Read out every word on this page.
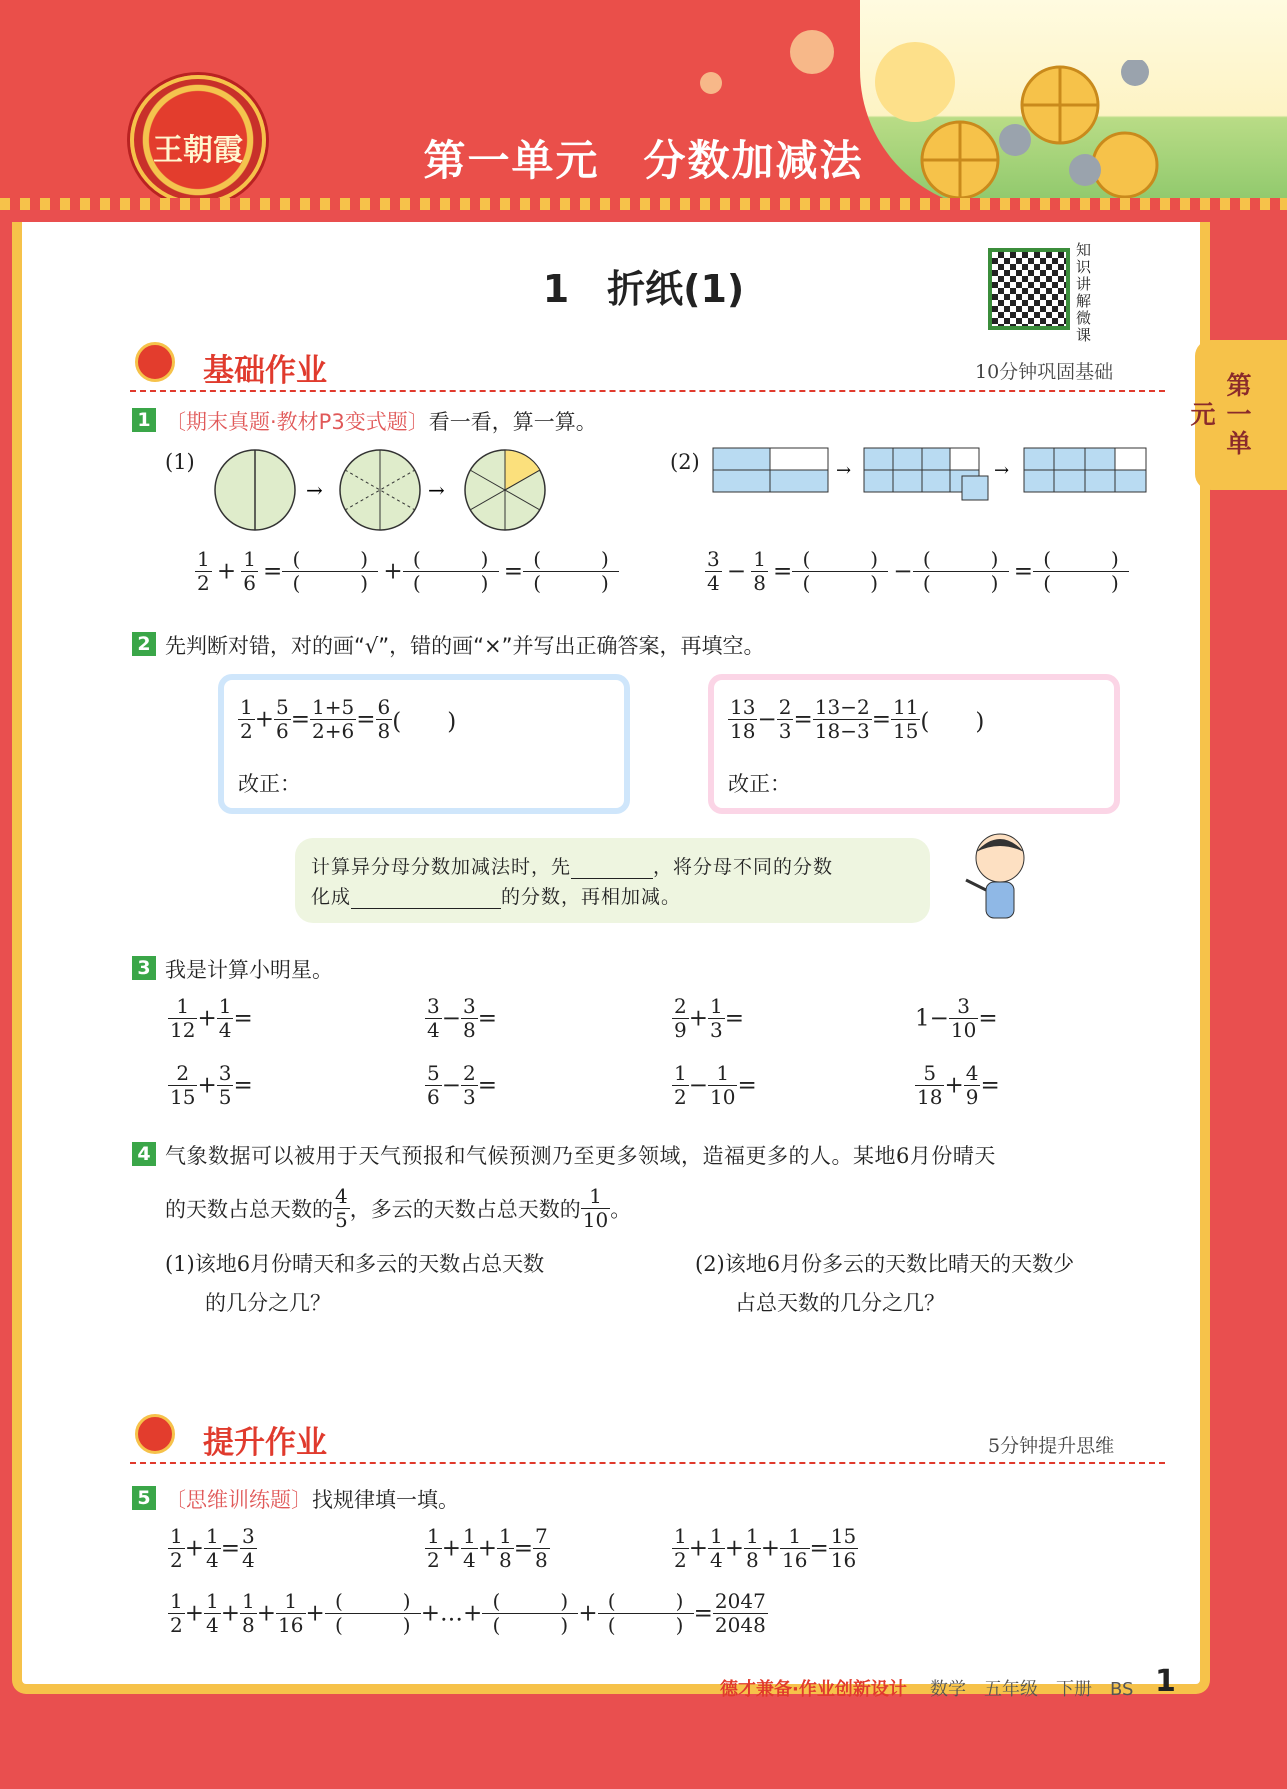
王朝霞	第一单元　分数加减法
第一单元
1　折纸(1)
知识讲解微课
基础作业	10分钟巩固基础
1 〔期末真题·教材P3变式题〕看一看，算一算。
(1)
→	→
(2)	→	→
$\frac{1}{2} + \frac{1}{6}$ = (　　　)
(　　　) + (　　　)
(　　　) = (　　　)
(　　　)	$\frac{3}{4} - \frac{1}{8}$ = (　　　)
(　　　) − (　　　)
(　　　) = (　　　)
(　　　)
2 先判断对错，对的画“√”，错的画“×”并写出正确答案，再填空。
$\frac{1}{2} + \frac{5}{6} = \frac{1+5}{2+6} = \frac{6}{8}$ (　　)
改正：
$\frac{13}{18} - \frac{2}{3} = \frac{13-2}{18-3} = \frac{11}{15}$ (　　)
改正：
计算异分母分数加减法时，先	，将分母不同的分数
化成	的分数，再相加减。
3 我是计算小明星。
$\frac{1}{12} + \frac{1}{4}$ =	$\frac{3}{4} - \frac{3}{8}$ =	$\frac{2}{9} + \frac{1}{3}$ =	$1- \frac{3}{10}$ =
$\frac{2}{15} + \frac{3}{5}$ =	$\frac{5}{6} - \frac{2}{3}$ =	$\frac{1}{2} - \frac{1}{10}$ =	$\frac{5}{18} + \frac{4}{9}$ =
4 气象数据可以被用于天气预报和气候预测乃至更多领域，造福更多的人。某地6月份晴天
的天数占总天数的 $\frac{4}{5}$ ，多云的天数占总天数的 $\frac{1}{10}$ 。
(1)该地6月份晴天和多云的天数占总天数
的几分之几？
(2)该地6月份多云的天数比晴天的天数少
占总天数的几分之几？
提升作业	5分钟提升思维
5 〔思维训练题〕找规律填一填。
$\frac{1}{2} + \frac{1}{4} = \frac{3}{4}$	$\frac{1}{2} + \frac{1}{4} + \frac{1}{8} = \frac{7}{8}$	$\frac{1}{2} + \frac{1}{4} + \frac{1}{8} + \frac{1}{16} = \frac{15}{16}$
$\frac{1}{2} + \frac{1}{4} + \frac{1}{8} + \frac{1}{16}$ + (　　　)
(　　　) +…+ (　　　)
(　　　) + (　　　)
(　　　) = $\frac{2047}{2048}$
德才兼备·作业创新设计 数学　五年级　下册　BS 1
